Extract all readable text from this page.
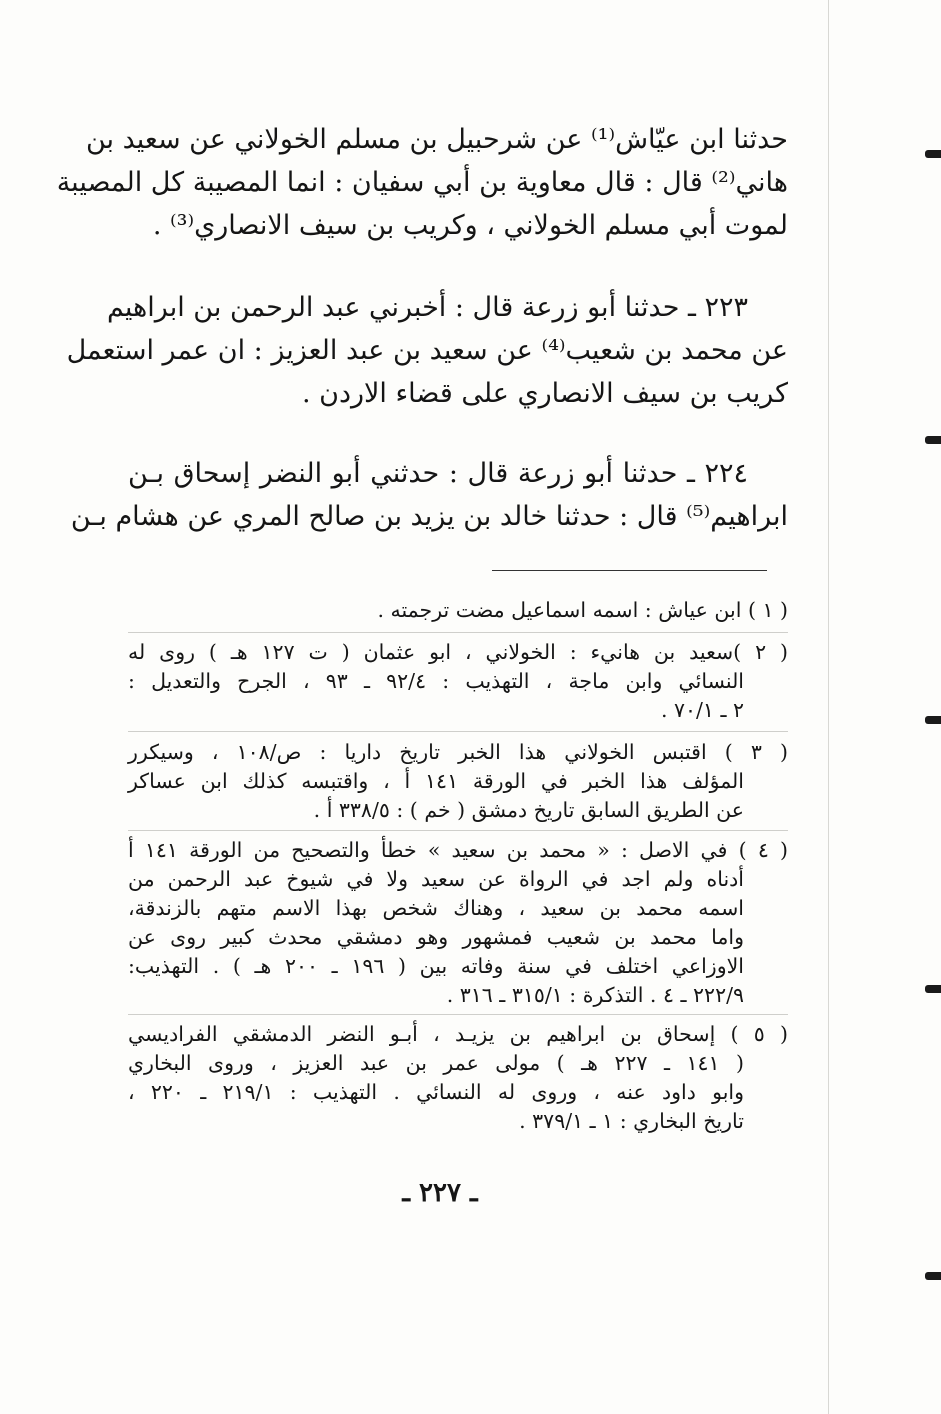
حدثنا ابن عيّاش⁽¹⁾ عن شرحبيل بن مسلم الخولاني عن سعيد بن
هاني⁽²⁾ قال : قال معاوية بن أبي سفيان : انما المصيبة كل المصيبة
لموت أبي مسلم الخولاني ، وكريب بن سيف الانصاري⁽³⁾ .
٢٢٣ ـ حدثنا أبو زرعة قال : أخبرني عبد الرحمن بن ابراهيم
عن محمد بن شعيب⁽⁴⁾ عن سعيد بن عبد العزيز : ان عمر استعمل
كريب بن سيف الانصاري على قضاء الاردن .
٢٢٤ ـ حدثنا أبو زرعة قال : حدثني أبو النضر إسحاق بـن
ابراهيم⁽⁵⁾ قال : حدثنا خالد بن يزيد بن صالح المري عن هشام بـن
( ١ ) ابن عياش : اسمه اسماعيل مضت ترجمته .
( ٢ )سعيد بن هانيء : الخولاني ، ابو عثمان ( ت ١٢٧ هـ ) روى له
النسائي وابن ماجة ، التهذيب : ٩٢/٤ ـ ٩٣ ، الجرح والتعديل :
٢ ـ ٧٠/١ .
( ٣ ) اقتبس الخولاني هذا الخبر تاريخ داريا : ص/١٠٨ ، وسيكرر
المؤلف هذا الخبر في الورقة ١٤١ أ ، واقتبسه كذلك ابن عساكر
عن الطريق السابق تاريخ دمشق ( خم ) : ٣٣٨/٥ أ .
( ٤ ) في الاصل : « محمد بن سعيد » خطأ والتصحيح من الورقة ١٤١ أ
أدناه ولم اجد في الرواة عن سعيد ولا في شيوخ عبد الرحمن من
اسمه محمد بن سعيد ، وهناك شخص بهذا الاسم متهم بالزندقة،
واما محمد بن شعيب فمشهور وهو دمشقي محدث كبير روى عن
الاوزاعي اختلف في سنة وفاته بين ( ١٩٦ ـ ٢٠٠ هـ ) . التهذيب:
٢٢٢/٩ ـ ٤ . التذكرة : ٣١٥/١ ـ ٣١٦ .
( ٥ ) إسحاق بن ابراهيم بن يزيـد ، أبـو النضر الدمشقي الفراديسي
( ١٤١ ـ ٢٢٧ هـ ) مولى عمر بن عبد العزيز ، وروى البخاري
وابو داود عنه ، وروى له النسائي . التهذيب : ٢١٩/١ ـ ٢٢٠ ،
تاريخ البخاري : ١ ـ ٣٧٩/١ .
ـ ٢٢٧ ـ
